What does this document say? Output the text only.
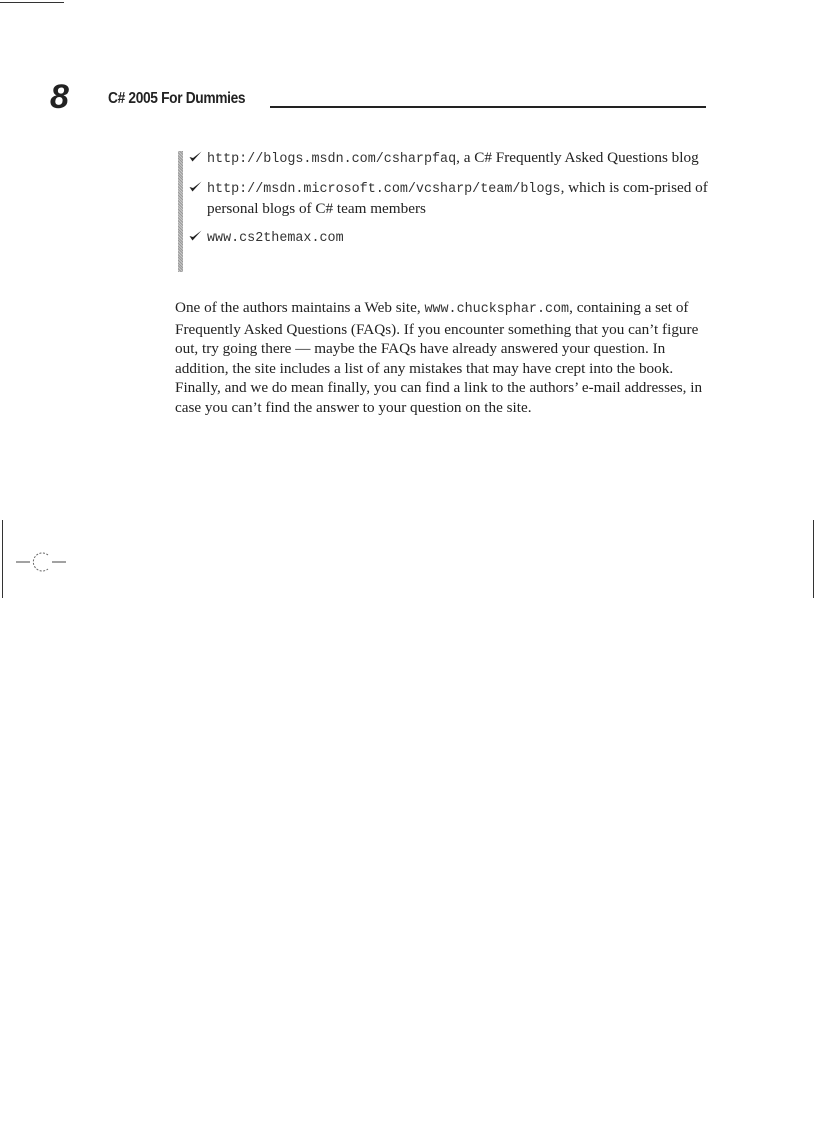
8 C# 2005 For Dummies
http://blogs.msdn.com/csharpfaq, a C# Frequently Asked Questions blog
http://msdn.microsoft.com/vcsharp/team/blogs, which is com-prised of personal blogs of C# team members
www.cs2themax.com

One of the authors maintains a Web site, www.chucksphar.com, containing a set of Frequently Asked Questions (FAQs). If you encounter something that you can’t figure out, try going there — maybe the FAQs have already answered your question. In addition, the site includes a list of any mistakes that may have crept into the book. Finally, and we do mean finally, you can find a link to the authors’ e-mail addresses, in case you can’t find the answer to your question on the site.
